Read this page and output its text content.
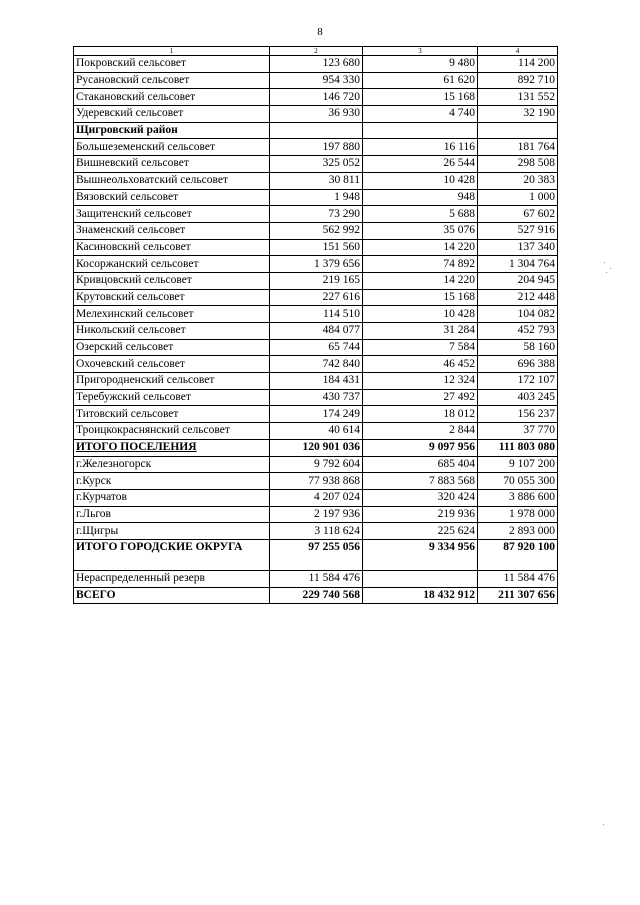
8
1	2	3	4
Покровский сельсовет	123 680	9 480	114 200
Русановский сельсовет	954 330	61 620	892 710
Стакановский сельсовет	146 720	15 168	131 552
Удеревский сельсовет	36 930	4 740	32 190
Щигровский район			
Большеземенский сельсовет	197 880	16 116	181 764
Вишневский сельсовет	325 052	26 544	298 508
Вышнеольховатский сельсовет	30 811	10 428	20 383
Вязовский сельсовет	1 948	948	1 000
Защитенский сельсовет	73 290	5 688	67 602
Знаменский сельсовет	562 992	35 076	527 916
Касиновский сельсовет	151 560	14 220	137 340
Косоржанский сельсовет	1 379 656	74 892	1 304 764
Кривцовский сельсовет	219 165	14 220	204 945
Крутовский сельсовет	227 616	15 168	212 448
Мелехинский сельсовет	114 510	10 428	104 082
Никольский сельсовет	484 077	31 284	452 793
Озерский сельсовет	65 744	7 584	58 160
Охочевский сельсовет	742 840	46 452	696 388
Пригородненский сельсовет	184 431	12 324	172 107
Теребужский сельсовет	430 737	27 492	403 245
Титовский сельсовет	174 249	18 012	156 237
Троицкокраснянский сельсовет	40 614	2 844	37 770
ИТОГО ПОСЕЛЕНИЯ	120 901 036	9 097 956	111 803 080
г.Железногорск	9 792 604	685 404	9 107 200
г.Курск	77 938 868	7 883 568	70 055 300
г.Курчатов	4 207 024	320 424	3 886 600
г.Льгов	2 197 936	219 936	1 978 000
г.Щигры	3 118 624	225 624	2 893 000
ИТОГО ГОРОДСКИЕ ОКРУГА	97 255 056	9 334 956	87 920 100
Нераспределенный резерв	11 584 476		11 584 476
ВСЕГО	229 740 568	18 432 912	211 307 656
